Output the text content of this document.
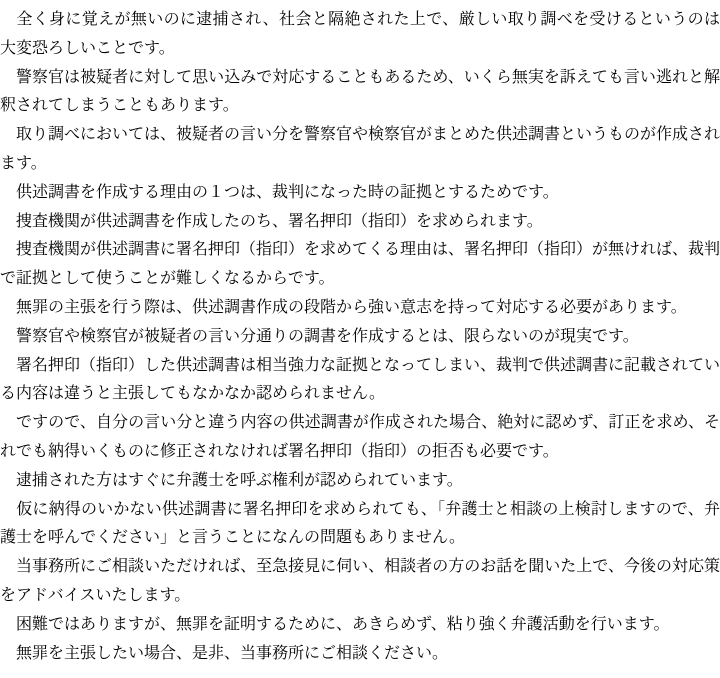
　全く身に覚えが無いのに逮捕され、社会と隔絶された上で、厳しい取り調べを受けるというのは大変恐ろしいことです。

　警察官は被疑者に対して思い込みで対応することもあるため、いくら無実を訴えても言い逃れと解釈されてしまうこともあります。

　取り調べにおいては、被疑者の言い分を警察官や検察官がまとめた供述調書というものが作成されます。

　供述調書を作成する理由の１つは、裁判になった時の証拠とするためです。

　捜査機関が供述調書を作成したのち、署名押印（指印）を求められます。

　捜査機関が供述調書に署名押印（指印）を求めてくる理由は、署名押印（指印）が無ければ、裁判で証拠として使うことが難しくなるからです。

　無罪の主張を行う際は、供述調書作成の段階から強い意志を持って対応する必要があります。

　警察官や検察官が被疑者の言い分通りの調書を作成するとは、限らないのが現実です。

　署名押印（指印）した供述調書は相当強力な証拠となってしまい、裁判で供述調書に記載されている内容は違うと主張してもなかなか認められません。

　ですので、自分の言い分と違う内容の供述調書が作成された場合、絶対に認めず、訂正を求め、それでも納得いくものに修正されなければ署名押印（指印）の拒否も必要です。

　逮捕された方はすぐに弁護士を呼ぶ権利が認められています。

　仮に納得のいかない供述調書に署名押印を求められても、「弁護士と相談の上検討しますので、弁護士を呼んでください」と言うことになんの問題もありません。

　当事務所にご相談いただければ、至急接見に伺い、相談者の方のお話を聞いた上で、今後の対応策をアドバイスいたします。

　困難ではありますが、無罪を証明するために、あきらめず、粘り強く弁護活動を行います。

　無罪を主張したい場合、是非、当事務所にご相談ください。
